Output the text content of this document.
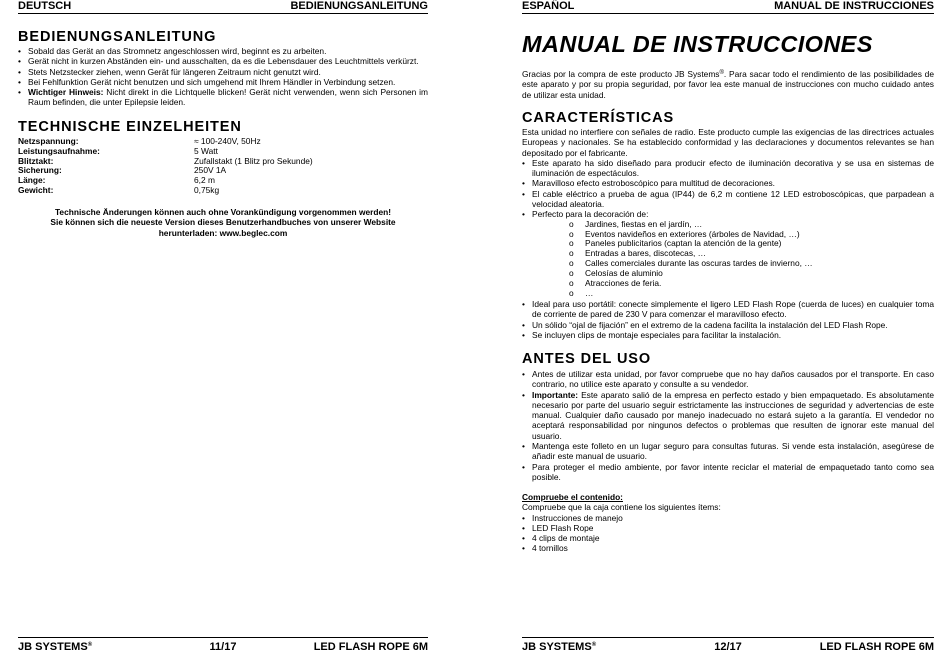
DEUTSCH	BEDIENUNGSANLEITUNG

BEDIENUNGSANLEITUNG

• Sobald das Gerät an das Stromnetz angeschlossen wird, beginnt es zu arbeiten.

• Gerät nicht in kurzen Abständen ein- und ausschalten, da es die Lebensdauer des Leuchtmittels verkürzt.

• Stets Netzstecker ziehen, wenn Gerät für längeren Zeitraum nicht genutzt wird.

• Bei Fehlfunktion Gerät nicht benutzen und sich umgehend mit Ihrem Händler in Verbindung setzen.

• Wichtiger Hinweis: Nicht direkt in die Lichtquelle blicken! Gerät nicht verwenden, wenn sich Personen im Raum befinden, die unter Epilepsie leiden.

TECHNISCHE EINZELHEITEN

Netzspannung:	≈ 100-240V, 50Hz
Leistungsaufnahme:	5 Watt
Blitztakt:	Zufallstakt (1 Blitz pro Sekunde)
Sicherung:	250V 1A
Länge:	6,2 m
Gewicht:	0,75kg
Technische Änderungen können auch ohne Vorankündigung vorgenommen werden!
Sie können sich die neueste Version dieses Benutzerhandbuches von unserer Website
herunterladen: www.beglec.com
JB SYSTEMS®	11/17	LED FLASH ROPE 6M
ESPAÑOL	MANUAL DE INSTRUCCIONES

MANUAL DE INSTRUCCIONES

Gracias por la compra de este producto JB Systems®. Para sacar todo el rendimiento de las posibilidades de este aparato y por su propia seguridad, por favor lea este manual de instrucciones con mucho cuidado antes de utilizar esta unidad.

CARACTERÍSTICAS

Esta unidad no interfiere con señales de radio. Este producto cumple las exigencias de las directrices actuales Europeas y nacionales. Se ha establecido conformidad y las declaraciones y documentos relevantes se han depositado por el fabricante.

• Este aparato ha sido diseñado para producir efecto de iluminación decorativa y se usa en sistemas de iluminación de espectáculos.

• Maravilloso efecto estroboscópico para multitud de decoraciones.

• El cable eléctrico a prueba de agua (IP44) de 6,2 m contiene 12 LED estroboscópicas, que parpadean a velocidad aleatoria.

• Perfecto para la decoración de:

o Jardines, fiestas en el jardín, …

o Eventos navideños en exteriores (árboles de Navidad, …)

o Paneles publicitarios (captan la atención de la gente)

o Entradas a bares, discotecas, …

o Calles comerciales durante las oscuras tardes de invierno, …

o Celosías de aluminio

o Atracciones de feria.

o …

• Ideal para uso portátil: conecte simplemente el ligero LED Flash Rope (cuerda de luces) en cualquier toma de corriente de pared de 230 V para comenzar el maravilloso efecto.

• Un sólido “ojal de fijación” en el extremo de la cadena facilita la instalación del LED Flash Rope.

• Se incluyen clips de montaje especiales para facilitar la instalación.

ANTES DEL USO

• Antes de utilizar esta unidad, por favor compruebe que no hay daños causados por el transporte. En caso contrario, no utilice este aparato y consulte a su vendedor.

• Importante: Este aparato salió de la empresa en perfecto estado y bien empaquetado. Es absolutamente necesario por parte del usuario seguir estrictamente las instrucciones de seguridad y advertencias de este manual. Cualquier daño causado por manejo inadecuado no estará sujeto a la garantía. El vendedor no aceptará responsabilidad por ningunos defectos o problemas que resulten de ignorar este manual del usuario.

• Mantenga este folleto en un lugar seguro para consultas futuras. Si vende esta instalación, asegúrese de añadir este manual de usuario.

• Para proteger el medio ambiente, por favor intente reciclar el material de empaquetado tanto como sea posible.

Compruebe el contenido:

Compruebe que la caja contiene los siguientes ítems:

• Instrucciones de manejo

• LED Flash Rope

• 4 clips de montaje

• 4 tornillos

JB SYSTEMS®	12/17	LED FLASH ROPE 6M
